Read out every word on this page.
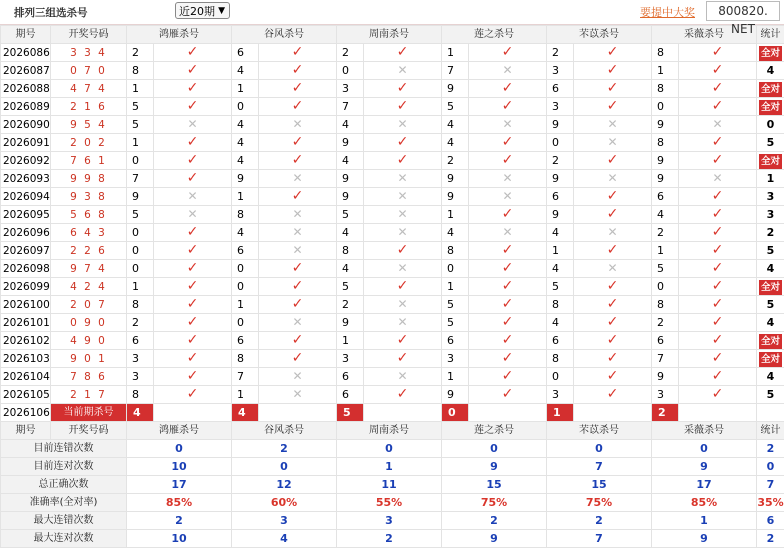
排列三组选杀号	近20期 ▼	要提中大奖	800820. NET
期号	开奖号码	鸿雁杀号		谷风杀号		周南杀号		莲之杀号		芣苡杀号		采薇杀号		统计
2026086	3 3 4	2	✓	6	✓	2	✓	1	✓	2	✓	8	✓	全对
2026087	0 7 0	8	✓	4	✓	0	✕	7	✕	3	✓	1	✓	4
2026088	4 7 4	1	✓	1	✓	3	✓	9	✓	6	✓	8	✓	全对
2026089	2 1 6	5	✓	0	✓	7	✓	5	✓	3	✓	0	✓	全对
2026090	9 5 4	5	✕	4	✕	4	✕	4	✕	9	✕	9	✕	0
2026091	2 0 2	1	✓	4	✓	9	✓	4	✓	0	✕	8	✓	5
2026092	7 6 1	0	✓	4	✓	4	✓	2	✓	2	✓	9	✓	全对
2026093	9 9 8	7	✓	9	✕	9	✕	9	✕	9	✕	9	✕	1
2026094	9 3 8	9	✕	1	✓	9	✕	9	✕	6	✓	6	✓	3
2026095	5 6 8	5	✕	8	✕	5	✕	1	✓	9	✓	4	✓	3
2026096	6 4 3	0	✓	4	✕	4	✕	4	✕	4	✕	2	✓	2
2026097	2 2 6	0	✓	6	✕	8	✓	8	✓	1	✓	1	✓	5
2026098	9 7 4	0	✓	0	✓	4	✕	0	✓	4	✕	5	✓	4
2026099	4 2 4	1	✓	0	✓	5	✓	1	✓	5	✓	0	✓	全对
2026100	2 0 7	8	✓	1	✓	2	✕	5	✓	8	✓	8	✓	5
2026101	0 9 0	2	✓	0	✕	9	✕	5	✓	4	✓	2	✓	4
2026102	4 9 0	6	✓	6	✓	1	✓	6	✓	6	✓	6	✓	全对
2026103	9 0 1	3	✓	8	✓	3	✓	3	✓	8	✓	7	✓	全对
2026104	7 8 6	3	✓	7	✕	6	✕	1	✓	0	✓	9	✓	4
2026105	2 1 7	8	✓	1	✕	6	✓	9	✓	3	✓	3	✓	5
2026106	当前期杀号	4		4		5		0		1		2		

期号	开奖号码	鸿雁杀号		谷风杀号		周南杀号		莲之杀号		芣苡杀号		采薇杀号		统计
目前连错次数		0		2		0		0		0		0		2
目前连对次数		10		0		1		9		7		9		0
总正确次数		17		12		11		15		15		17		7
准确率(全对率)		85%		60%		55%		75%		75%		85%		35%
最大连错次数		2		3		3		2		2		1		6
最大连对次数		10		4		2		9		7		9		2
